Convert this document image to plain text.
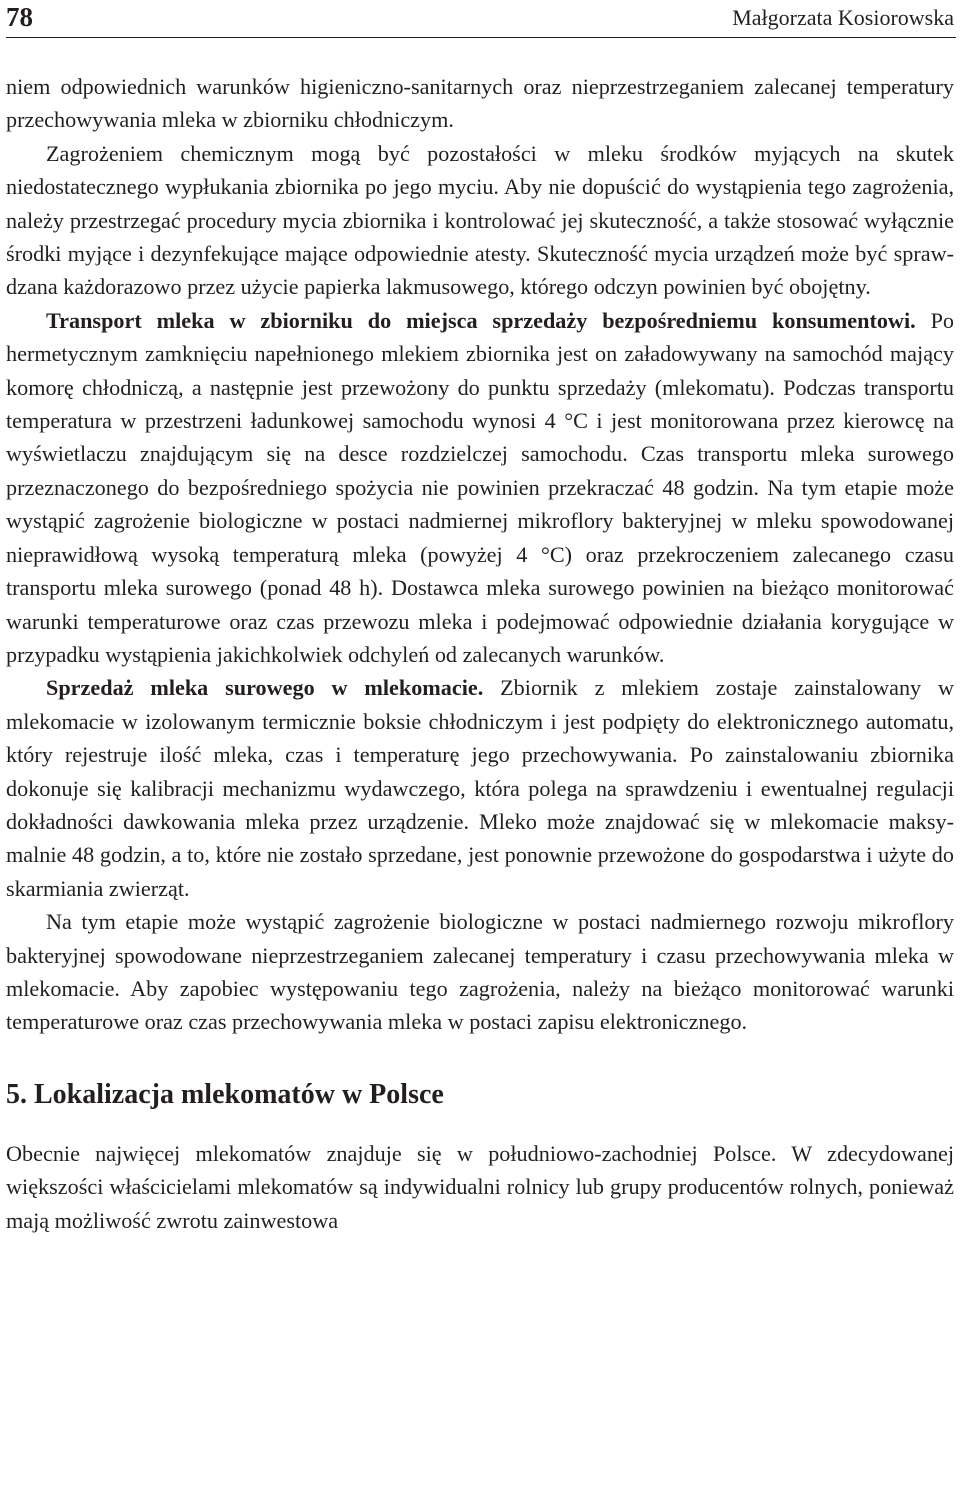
78	Małgorzata Kosiorowska

niem odpowiednich warunków higieniczno-sanitarnych oraz nieprzestrzeganiem zalecanej temperatury przechowywania mleka w zbiorniku chłodniczym.

Zagrożeniem chemicznym mogą być pozostałości w mleku środków myjących na skutek niedostatecznego wypłukania zbiornika po jego myciu. Aby nie dopuścić do wystąpienia tego zagrożenia, należy przestrzegać procedury mycia zbiornika i kontrolować jej skuteczność, a także stosować wyłącznie środki myjące i dezynfekujące mające odpowiednie atesty. Skuteczność mycia urządzeń może być sprawdzana każdorazowo przez użycie papierka lakmusowego, którego odczyn powinien być obojętny.

Transport mleka w zbiorniku do miejsca sprzedaży bezpośredniemu konsumentowi. Po hermetycznym zamknięciu napełnionego mlekiem zbiornika jest on załadowywany na samochód mający komorę chłodniczą, a następnie jest przewożony do punktu sprzedaży (mlekomatu). Podczas transportu temperatura w przestrzeni ładunkowej samochodu wynosi 4 °C i jest monitorowana przez kierowcę na wyświetlaczu znajdującym się na desce rozdzielczej samochodu. Czas transportu mleka surowego przeznaczonego do bezpośredniego spożycia nie powinien przekraczać 48 godzin. Na tym etapie może wystąpić zagrożenie biologiczne w postaci nadmiernej mikroflory bakteryjnej w mleku spowodowanej nieprawidłową wysoką temperaturą mleka (powyżej 4 °C) oraz przekroczeniem zalecanego czasu transportu mleka surowego (ponad 48 h). Dostawca mleka surowego powinien na bieżąco monitorować warunki temperaturowe oraz czas przewozu mleka i podejmować odpowiednie działania korygujące w przypadku wystąpienia jakichkolwiek odchyleń od zalecanych warunków.

Sprzedaż mleka surowego w mlekomacie. Zbiornik z mlekiem zostaje zainstalowany w mlekomacie w izolowanym termicznie boksie chłodniczym i jest podpięty do elektronicznego automatu, który rejestruje ilość mleka, czas i temperaturę jego przechowywania. Po zainstalowaniu zbiornika dokonuje się kalibracji mechanizmu wydawczego, która polega na sprawdzeniu i ewentualnej regulacji dokładności dawkowania mleka przez urządzenie. Mleko może znajdować się w mlekomacie maksymalnie 48 godzin, a to, które nie zostało sprzedane, jest ponownie przewożone do gospodarstwa i użyte do skarmiania zwierząt.

Na tym etapie może wystąpić zagrożenie biologiczne w postaci nadmiernego rozwoju mikroflory bakteryjnej spowodowane nieprzestrzeganiem zalecanej temperatury i czasu przechowywania mleka w mlekomacie. Aby zapobiec występowaniu tego zagrożenia, należy na bieżąco monitorować warunki temperaturowe oraz czas przechowywania mleka w postaci zapisu elektronicznego.

5. Lokalizacja mlekomatów w Polsce

Obecnie najwięcej mlekomatów znajduje się w południowo-zachodniej Polsce. W zdecydowanej większości właścicielami mlekomatów są indywidualni rolnicy lub grupy producentów rolnych, ponieważ mają możliwość zwrotu zainwestowa
